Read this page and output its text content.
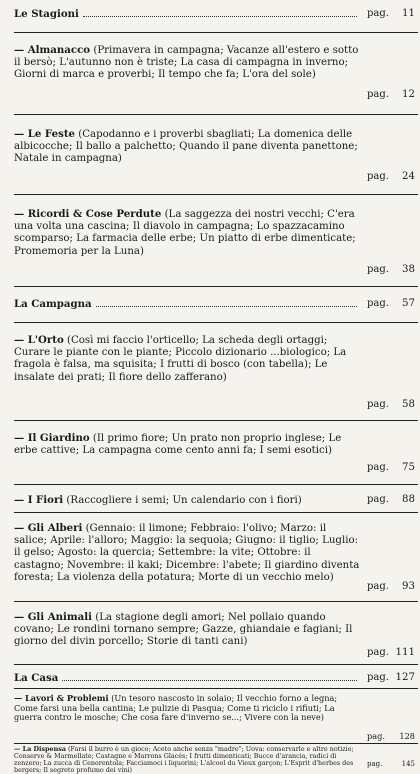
Le Stagioni	pag.	11
— Almanacco (Primavera in campagna; Vacanze all'estero e sotto il bersò; L'autunno non è triste; La casa di campagna in inverno; Giorni di marca e proverbi; Il tempo che fa; L'ora del sole)
pag.	12
— Le Feste (Capodanno e i proverbi sbagliati; La domenica delle albicocche; Il ballo a palchetto; Quando il pane diventa panettone; Natale in campagna)
pag.	24
— Ricordi & Cose Perdute (La saggezza dei nostri vecchi; C'era una volta una cascina; Il diavolo in campagna; Lo spazzacamino scomparso; La farmacia delle erbe; Un piatto di erbe dimenticate; Promemoria per la Luna)
pag.	38
La Campagna	pag.	57
— L'Orto (Così mi faccio l'orticello; La scheda degli ortaggi; Curare le piante con le piante; Piccolo dizionario ...biologico; La fragola è falsa, ma squisita; I frutti di bosco (con tabella); Le insalate dei prati; Il fiore dello zafferano)
pag.	58
— Il Giardino (Il primo fiore; Un prato non proprio inglese; Le erbe cattive; La campagna come cento anni fa; I semi esotici)
pag.	75
— I Fiori (Raccogliere i semi; Un calendario con i fiori)	pag.	88
— Gli Alberi (Gennaio: il limone; Febbraio: l'olivo; Marzo: il salice; Aprile: l'alloro; Maggio: la sequoia; Giugno: il tiglio; Luglio: il gelso; Agosto: la quercia; Settembre: la vite; Ottobre: il castagno; Novembre: il kaki; Dicembre: l'abete; Il giardino diventa foresta; La violenza della potatura; Morte di un vecchio melo)
pag.	93
— Gli Animali (La stagione degli amori; Nel pollaio quando covano; Le rondini tornano sempre; Gazze, ghiandaie e fagiani; Il giorno del divin porcello; Storie di tanti cani)
pag. 111
La Casa	pag. 127
— Lavori & Problemi (Un tesoro nascosto in solaio; Il vecchio forno a legna; Come farsi una bella cantina; Le pulizie di Pasqua; Come ti riciclo i rifiuti; La guerra contro le mosche; Che cosa fare d'inverno se...; Vivere con la neve)
pag.	128
— La Dispensa (Farsi il burro è un gioco; Aceto anche senza "madre"; Uova: conservarle e altre notizie; Conserve & Marmellate; Castagne e Marrons Glacés; I frutti dimenticati; Bucce d'arancia, radici di zenzero; La zucca di Cenerentola; Facciamoci i liquorini; L'alcool du Vieux garçon; L'Esprit d'herbes des bergers; Il segreto profumo dei vini)
pag.	145
